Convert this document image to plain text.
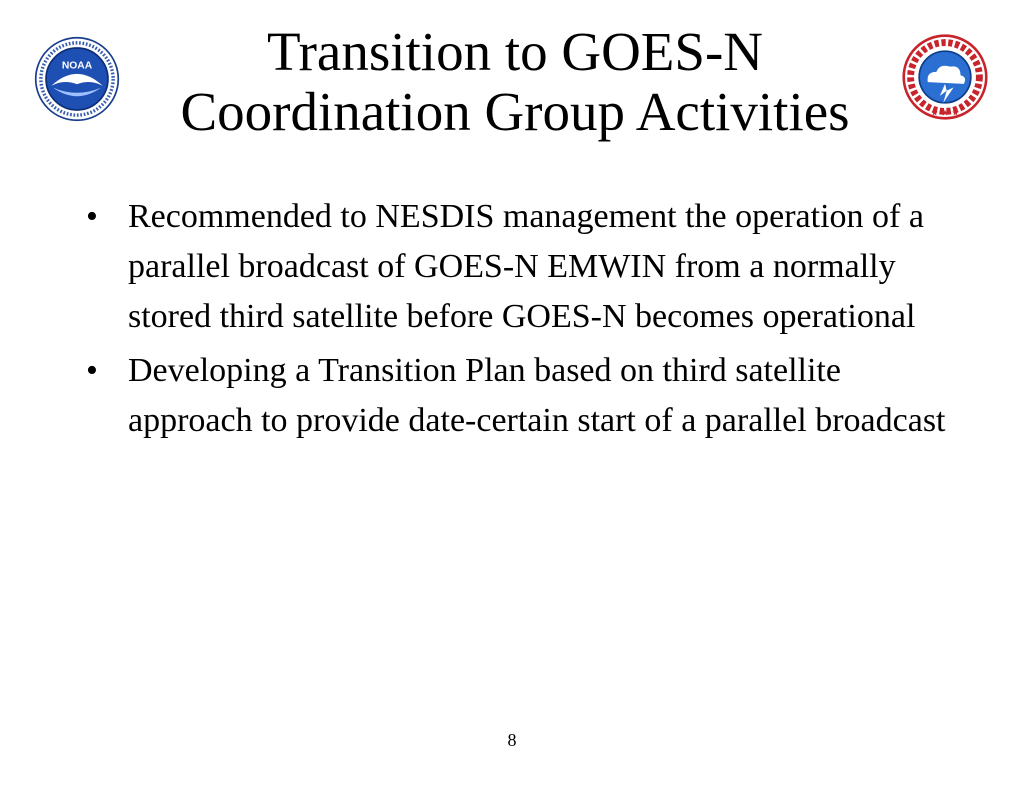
NOAA
★ ★ ★
Transition to GOES-N
Coordination Group Activities
• Recommended to NESDIS management the operation of a parallel broadcast of GOES-N EMWIN from a normally stored third satellite before GOES-N becomes operational
• Developing a Transition Plan based on third satellite approach to provide date-certain start of a parallel broadcast
8
